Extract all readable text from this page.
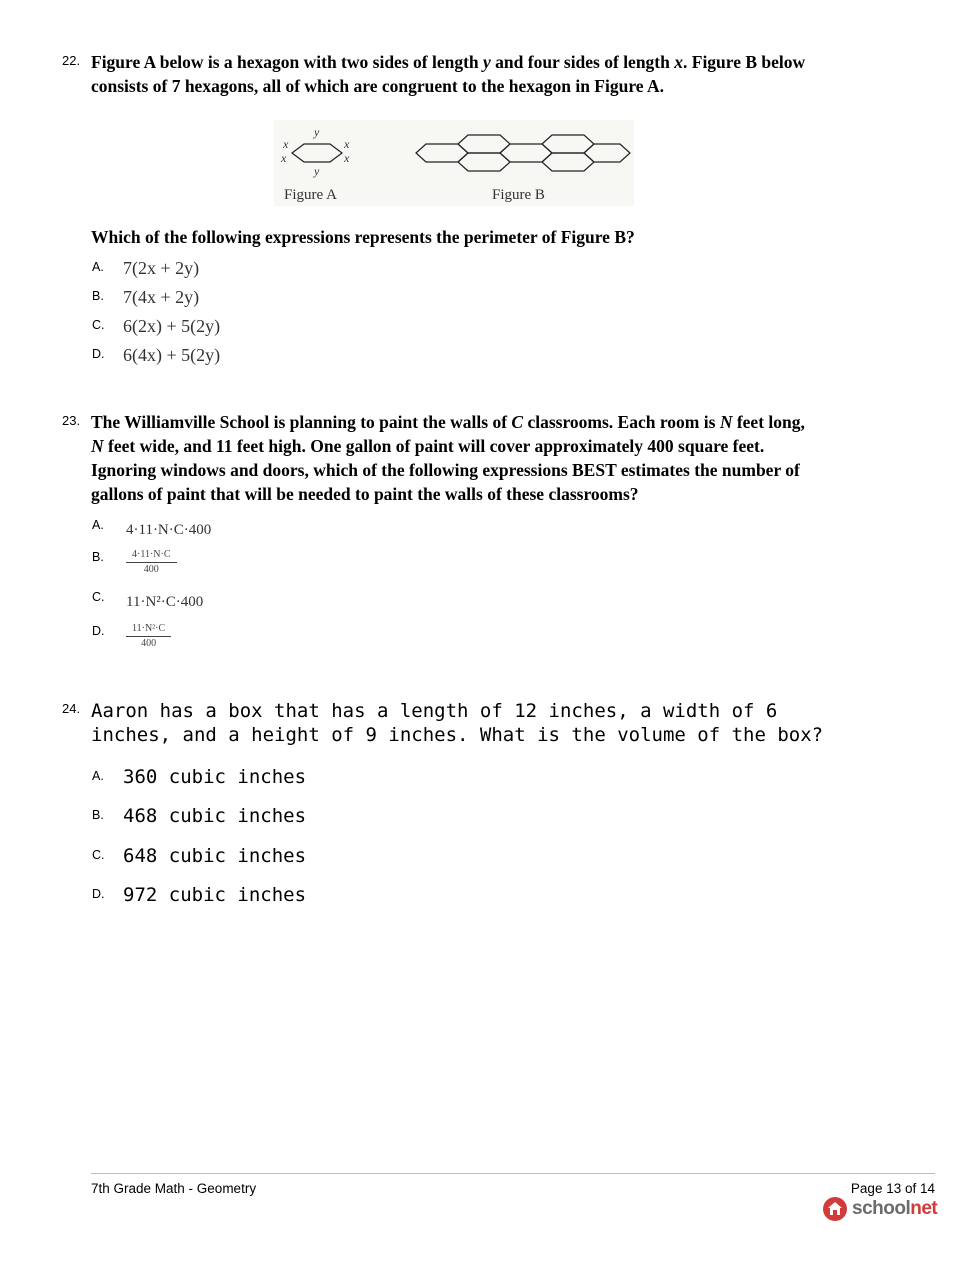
22. Figure A below is a hexagon with two sides of length y and four sides of length x. Figure B below consists of 7 hexagons, all of which are congruent to the hexagon in Figure A.
y
y
x
x
x
x
Figure A	Figure B
Which of the following expressions represents the perimeter of Figure B?
A. 7(2x + 2y)
B. 7(4x + 2y)
C. 6(2x) + 5(2y)
D. 6(4x) + 5(2y)
23. The Williamville School is planning to paint the walls of C classrooms. Each room is N feet long, N feet wide, and 11 feet high. One gallon of paint will cover approximately 400 square feet. Ignoring windows and doors, which of the following expressions BEST estimates the number of gallons of paint that will be needed to paint the walls of these classrooms?
A. 4·11·N·C·400
B. $\frac{4\cdot 11\cdot N\cdot C}{400}$
C. 11·N²·C·400
D. $\frac{\text{11·N²·C}}{400}$
24. Aaron has a box that has a length of 12 inches, a width of 6 inches, and a height of 9 inches. What is the volume of the box?
A. 360 cubic inches
B. 468 cubic inches
C. 648 cubic inches
D. 972 cubic inches
7th Grade Math - Geometry	Page 13 of 14
schoolnet
